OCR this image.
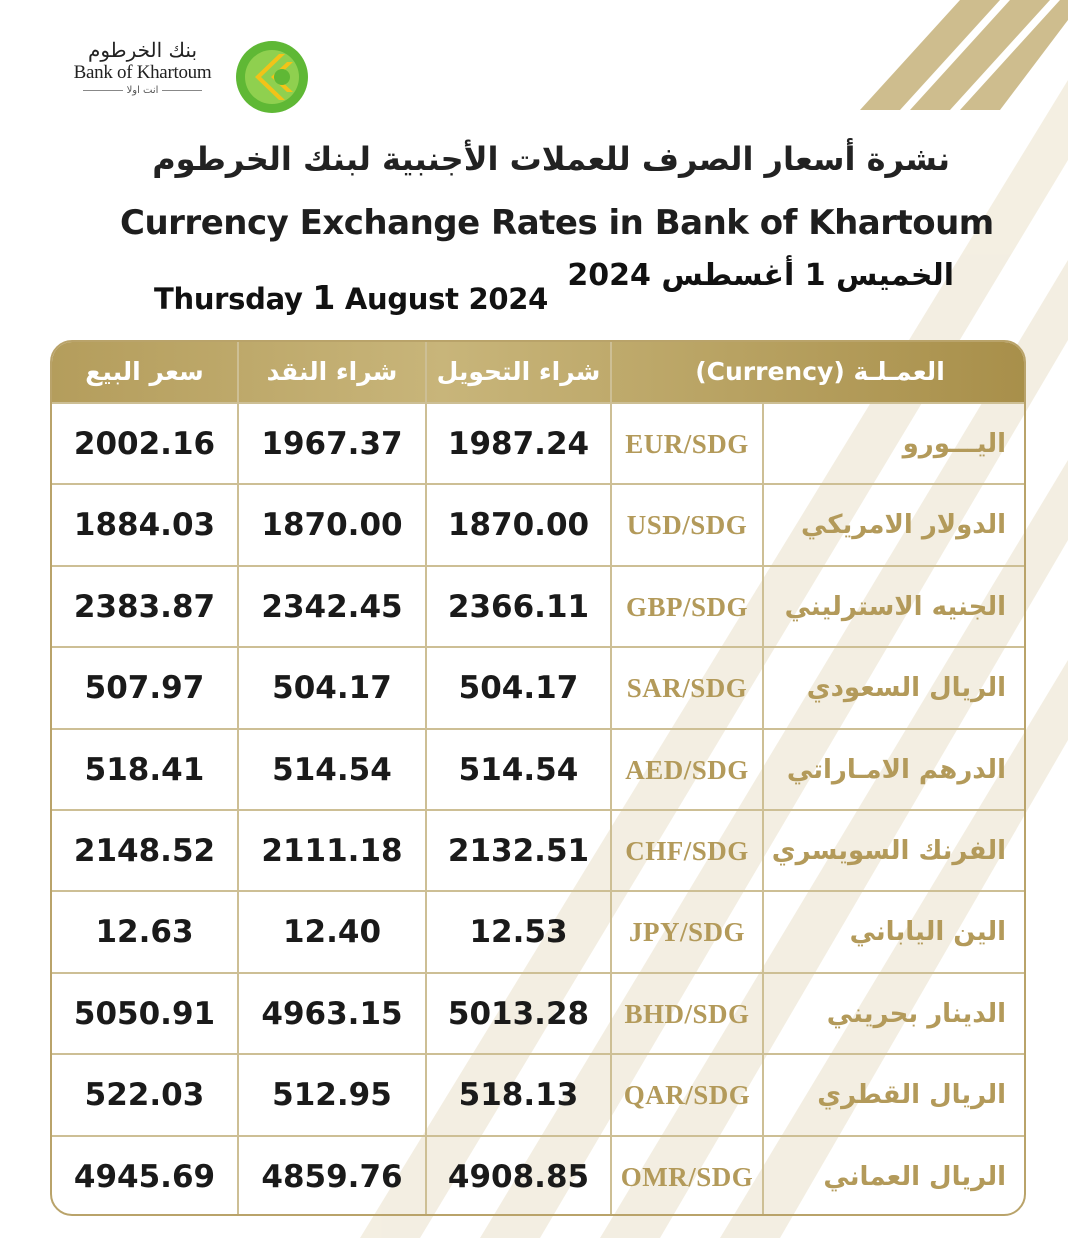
بنك الخرطوم
Bank of Khartoum
انت اولا
نشرة أسعار الصرف للعملات الأجنبية لبنك الخرطوم
Currency Exchange Rates in Bank of Khartoum
Thursday 1 August 2024
الخميس 1 أغسطس 2024
سعر البيع	شراء النقد	شراء التحويل	العمـلـة (Currency)
2002.16	1967.37	1987.24	EUR/SDG	اليـــورو
1884.03	1870.00	1870.00	USD/SDG	الدولار الامريكي
2383.87	2342.45	2366.11	GBP/SDG	الجنيه الاسترليني
507.97	504.17	504.17	SAR/SDG	الريال السعودي
518.41	514.54	514.54	AED/SDG	الدرهم الامـاراتي
2148.52	2111.18	2132.51	CHF/SDG الفرنك السويسري
12.63	12.40	12.53	JPY/SDG	الين الياباني
5050.91	4963.15	5013.28	BHD/SDG	الدينار بحريني
522.03	512.95	518.13	QAR/SDG	الريال القطري
4945.69	4859.76	4908.85	OMR/SDG	الريال العماني
